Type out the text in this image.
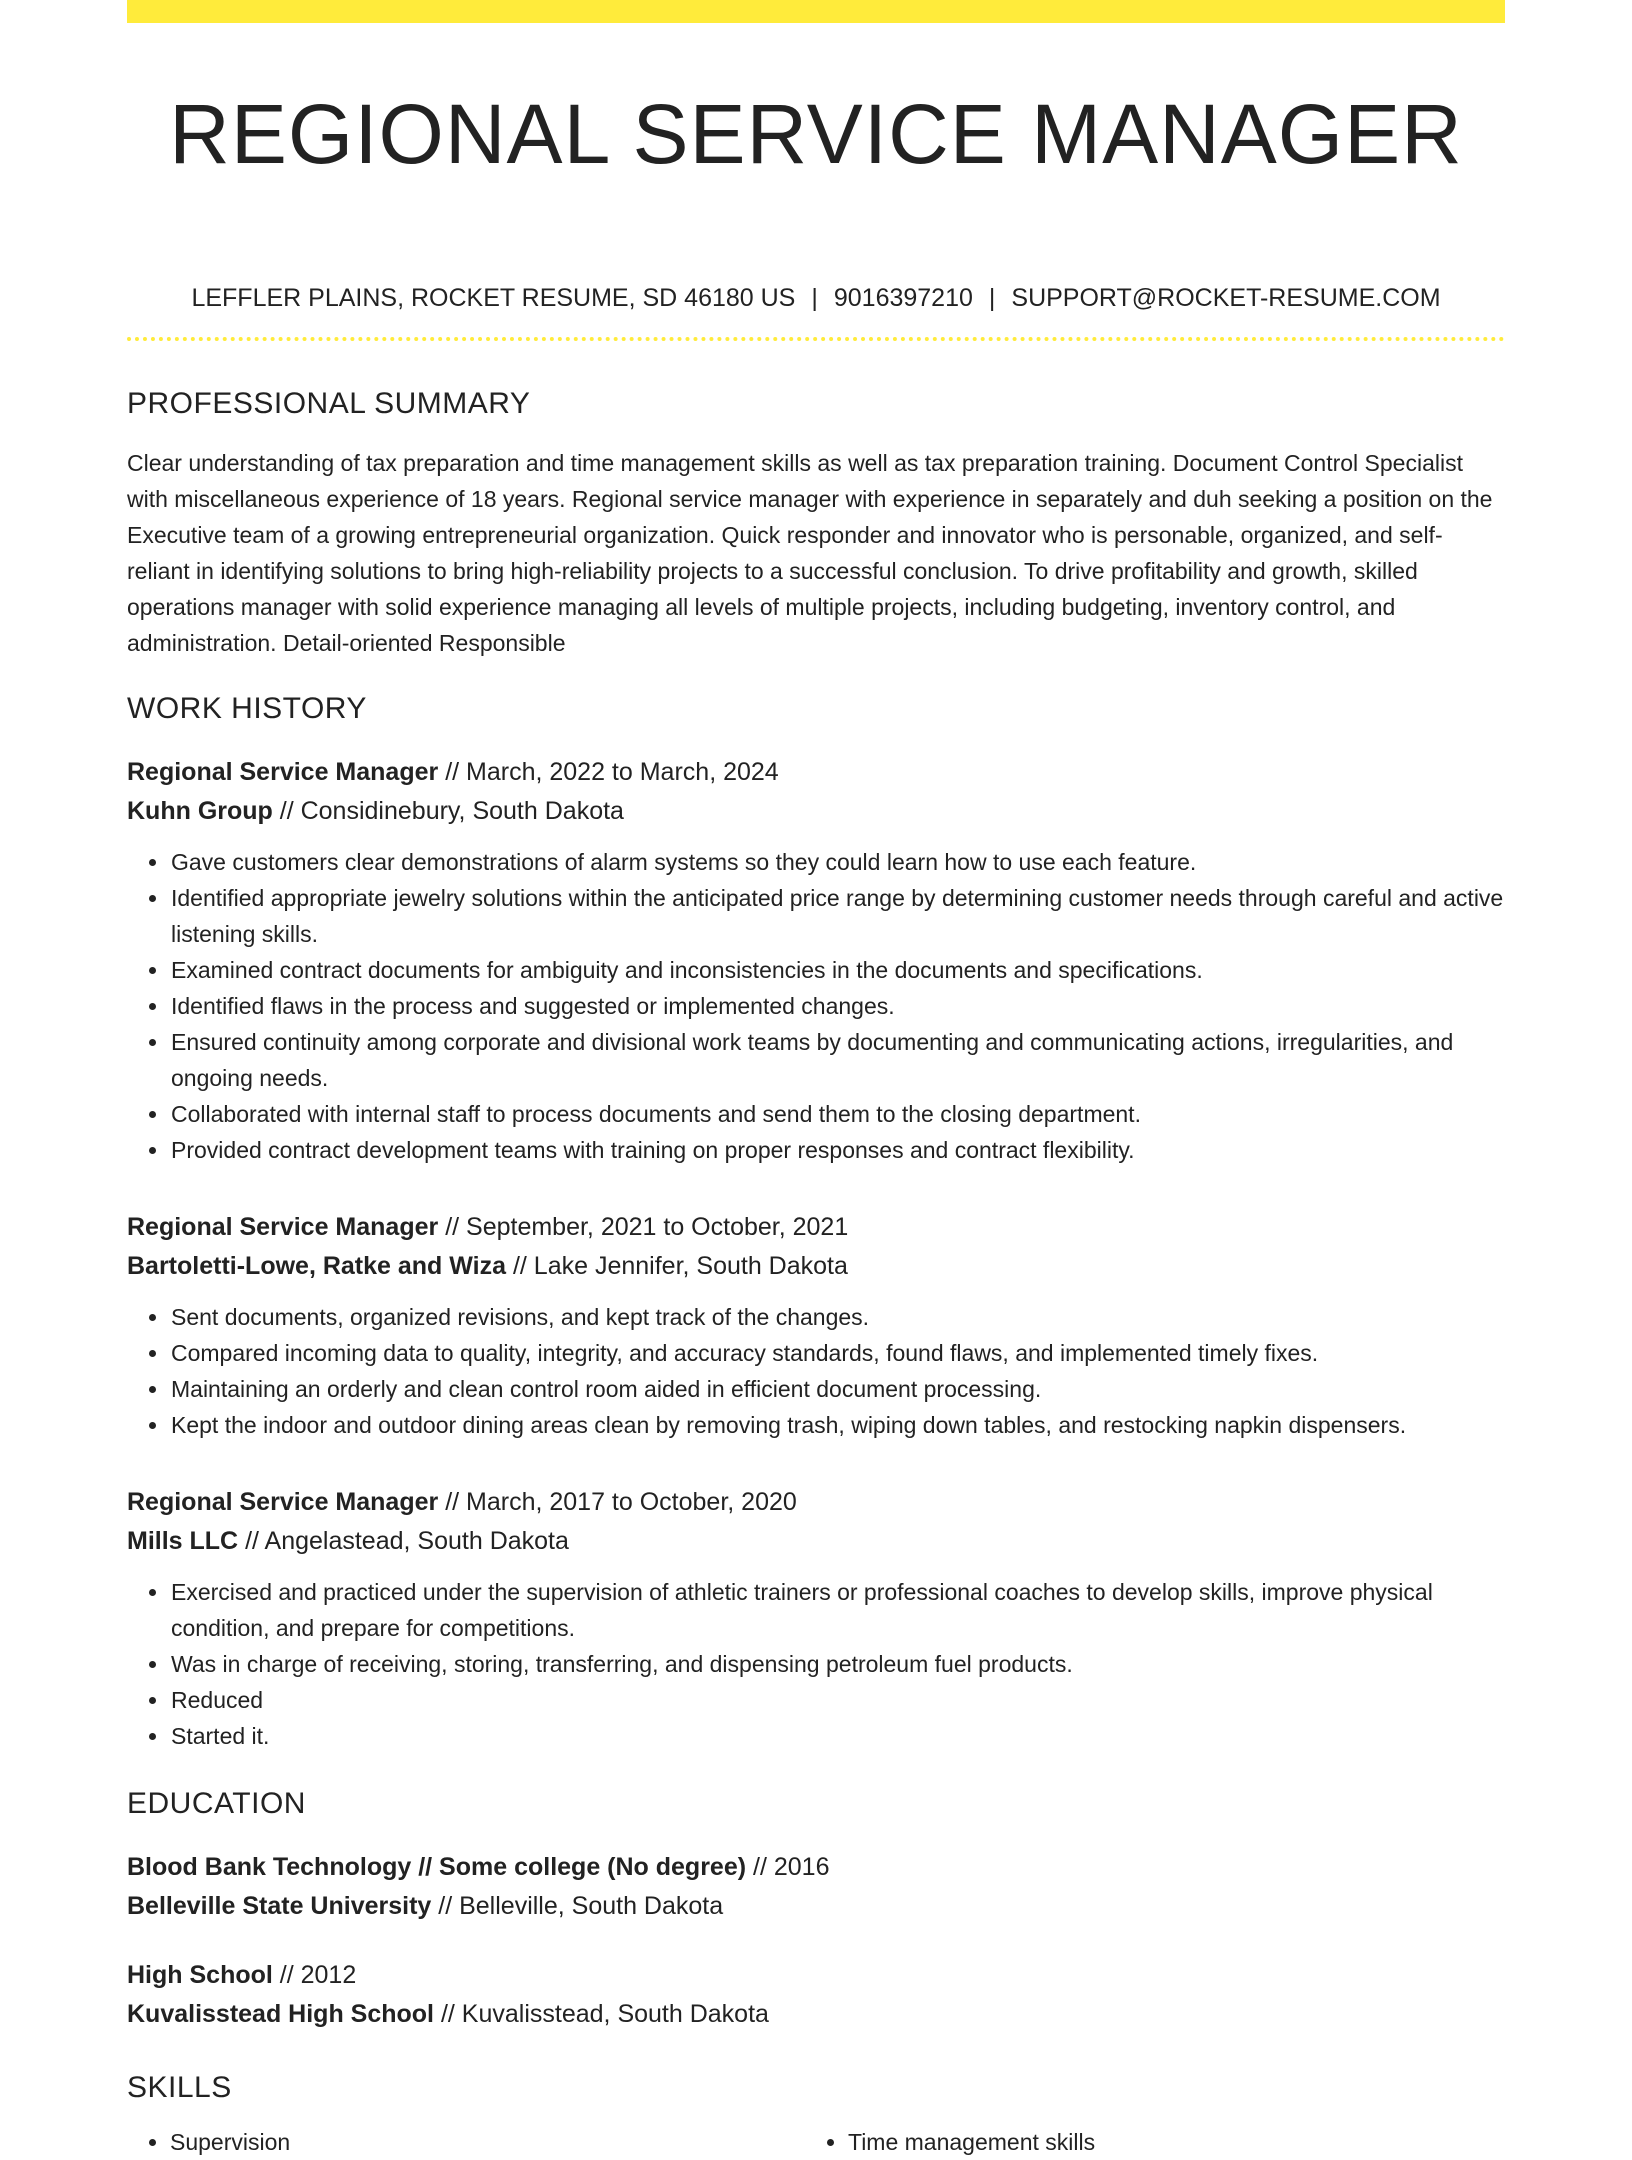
REGIONAL SERVICE MANAGER
LEFFLER PLAINS, ROCKET RESUME, SD 46180 US | 9016397210 | SUPPORT@ROCKET-RESUME.COM
PROFESSIONAL SUMMARY
Clear understanding of tax preparation and time management skills as well as tax preparation training. Document Control Specialist with miscellaneous experience of 18 years. Regional service manager with experience in separately and duh seeking a position on the Executive team of a growing entrepreneurial organization. Quick responder and innovator who is personable, organized, and self-reliant in identifying solutions to bring high-reliability projects to a successful conclusion. To drive profitability and growth, skilled operations manager with solid experience managing all levels of multiple projects, including budgeting, inventory control, and administration. Detail-oriented Responsible
WORK HISTORY
Regional Service Manager // March, 2022 to March, 2024
Kuhn Group // Considinebury, South Dakota
• Gave customers clear demonstrations of alarm systems so they could learn how to use each feature.
• Identified appropriate jewelry solutions within the anticipated price range by determining customer needs through careful and active listening skills.
• Examined contract documents for ambiguity and inconsistencies in the documents and specifications.
• Identified flaws in the process and suggested or implemented changes.
• Ensured continuity among corporate and divisional work teams by documenting and communicating actions, irregularities, and ongoing needs.
• Collaborated with internal staff to process documents and send them to the closing department.
• Provided contract development teams with training on proper responses and contract flexibility.
Regional Service Manager // September, 2021 to October, 2021
Bartoletti-Lowe, Ratke and Wiza // Lake Jennifer, South Dakota
• Sent documents, organized revisions, and kept track of the changes.
• Compared incoming data to quality, integrity, and accuracy standards, found flaws, and implemented timely fixes.
• Maintaining an orderly and clean control room aided in efficient document processing.
• Kept the indoor and outdoor dining areas clean by removing trash, wiping down tables, and restocking napkin dispensers.
Regional Service Manager // March, 2017 to October, 2020
Mills LLC // Angelastead, South Dakota
• Exercised and practiced under the supervision of athletic trainers or professional coaches to develop skills, improve physical condition, and prepare for competitions.
• Was in charge of receiving, storing, transferring, and dispensing petroleum fuel products.
• Reduced
• Started it.
EDUCATION
Blood Bank Technology // Some college (No degree) // 2016
Belleville State University // Belleville, South Dakota
High School // 2012
Kuvalisstead High School // Kuvalisstead, South Dakota
SKILLS
• Supervision
•	Time management skills
